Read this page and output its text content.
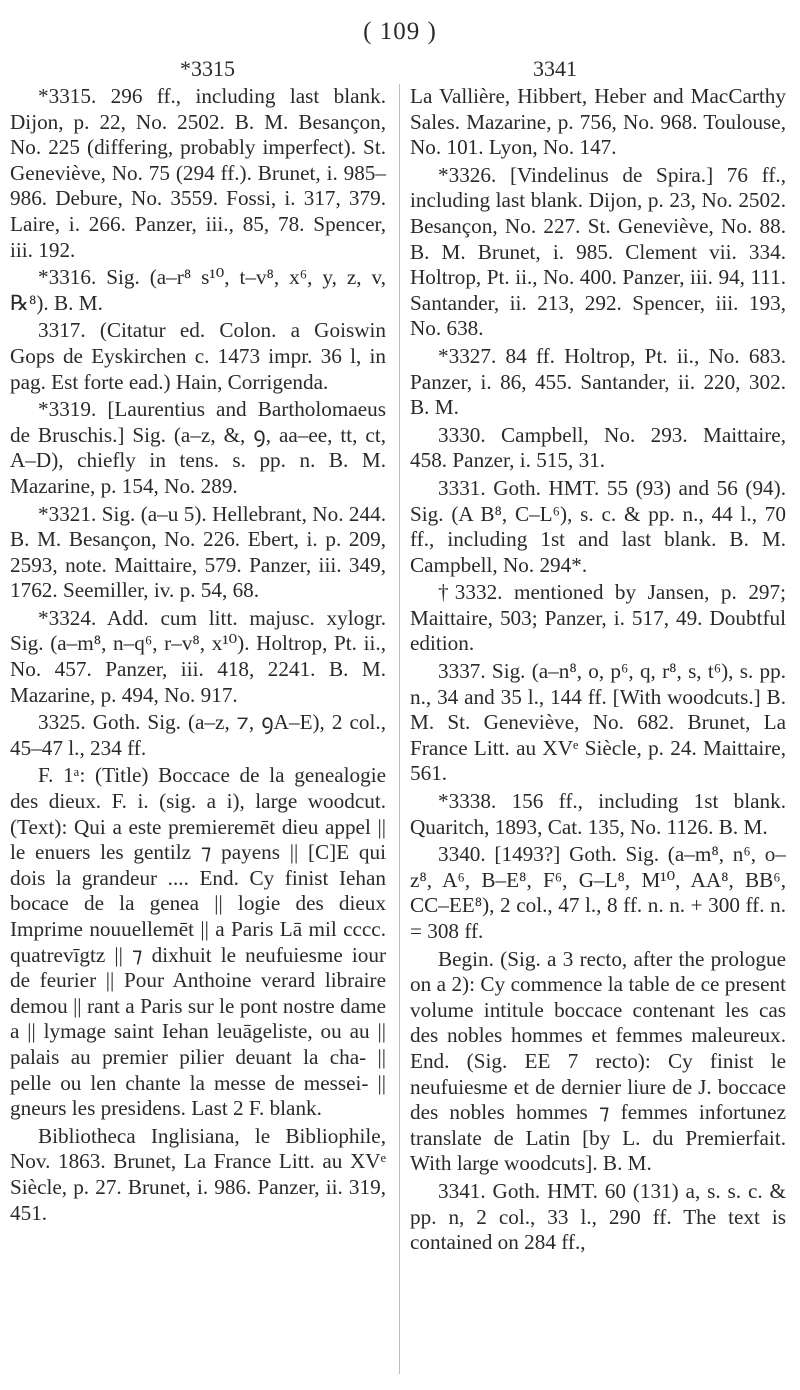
( 109 )
*3315	3341

*3315. 296 ff., including last blank. Dijon, p. 22, No. 2502. B. M. Besançon, No. 225 (differing, probably imperfect). St. Geneviève, No. 75 (294 ff.). Brunet, i. 985–986. Debure, No. 3559. Fossi, i. 317, 379. Laire, i. 266. Panzer, iii., 85, 78. Spencer, iii. 192.

*3316. Sig. (a–r⁸ s¹⁰, t–v⁸, x⁶, y, z, v, ℞⁸). B. M.

3317. (Citatur ed. Colon. a Goiswin Gops de Eyskirchen c. 1473 impr. 36 l, in pag. Est forte ead.) Hain, Corrigenda.

*3319. [Laurentius and Bartholomaeus de Bruschis.] Sig. (a–z, &, ꝯ, aa–ee, tt, ct, A–D), chiefly in tens. s. pp. n. B. M. Mazarine, p. 154, No. 289.

*3321. Sig. (a–u 5). Hellebrant, No. 244. B. M. Besançon, No. 226. Ebert, i. p. 209, 2593, note. Maittaire, 579. Panzer, iii. 349, 1762. Seemiller, iv. p. 54, 68.

*3324. Add. cum litt. majusc. xylogr. Sig. (a–m⁸, n–q⁶, r–v⁸, x¹⁰). Holtrop, Pt. ii., No. 457. Panzer, iii. 418, 2241. B. M. Mazarine, p. 494, No. 917.

3325. Goth. Sig. (a–z, ⁊, ꝯA–E), 2 col., 45–47 l., 234 ff.

F. 1ᵃ: (Title) Boccace de la genealogie des dieux. F. i. (sig. a i), large woodcut. (Text): Qui a este premieremēt dieu appel || le enuers les gentilz ⁊ payens || [C]E qui dois la grandeur .... End. Cy finist Iehan bocace de la genea || logie des dieux Imprime nouuellemēt || a Paris Lā mil cccc. quatrevīgtz || ⁊ dixhuit le neufuiesme iour de feurier || Pour Anthoine verard libraire demou || rant a Paris sur le pont nostre dame a || lymage saint Iehan leuāgeliste, ou au || palais au premier pilier deuant la cha- || pelle ou len chante la messe de messei- || gneurs les presidens. Last 2 F. blank.

Bibliotheca Inglisiana, le Bibliophile, Nov. 1863. Brunet, La France Litt. au XVᵉ Siècle, p. 27. Brunet, i. 986. Panzer, ii. 319, 451.

La Vallière, Hibbert, Heber and MacCarthy Sales. Mazarine, p. 756, No. 968. Toulouse, No. 101. Lyon, No. 147.

*3326. [Vindelinus de Spira.] 76 ff., including last blank. Dijon, p. 23, No. 2502. Besançon, No. 227. St. Geneviève, No. 88. B. M. Brunet, i. 985. Clement vii. 334. Holtrop, Pt. ii., No. 400. Panzer, iii. 94, 111. Santander, ii. 213, 292. Spencer, iii. 193, No. 638.

*3327. 84 ff. Holtrop, Pt. ii., No. 683. Panzer, i. 86, 455. Santander, ii. 220, 302. B. M.

3330. Campbell, No. 293. Maittaire, 458. Panzer, i. 515, 31.

3331. Goth. HMT. 55 (93) and 56 (94). Sig. (A B⁸, C–L⁶), s. c. & pp. n., 44 l., 70 ff., including 1st and last blank. B. M. Campbell, No. 294*.

†3332. mentioned by Jansen, p. 297; Maittaire, 503; Panzer, i. 517, 49. Doubtful edition.

3337. Sig. (a–n⁸, o, p⁶, q, r⁸, s, t⁶), s. pp. n., 34 and 35 l., 144 ff. [With woodcuts.] B. M. St. Geneviève, No. 682. Brunet, La France Litt. au XVᵉ Siècle, p. 24. Maittaire, 561.

*3338. 156 ff., including 1st blank. Quaritch, 1893, Cat. 135, No. 1126. B. M.

3340. [1493?] Goth. Sig. (a–m⁸, n⁶, o–z⁸, A⁶, B–E⁸, F⁶, G–L⁸, M¹⁰, AA⁸, BB⁶, CC–EE⁸), 2 col., 47 l., 8 ff. n. n. + 300 ff. n. = 308 ff.

Begin. (Sig. a 3 recto, after the prologue on a 2): Cy commence la table de ce present volume intitule boccace contenant les cas des nobles hommes et femmes maleureux. End. (Sig. EE 7 recto): Cy finist le neufuiesme et de dernier liure de J. boccace des nobles hommes ⁊ femmes infortunez translate de Latin [by L. du Premierfait. With large woodcuts]. B. M.

3341. Goth. HMT. 60 (131) a, s. s. c. & pp. n, 2 col., 33 l., 290 ff. The text is contained on 284 ff.,
